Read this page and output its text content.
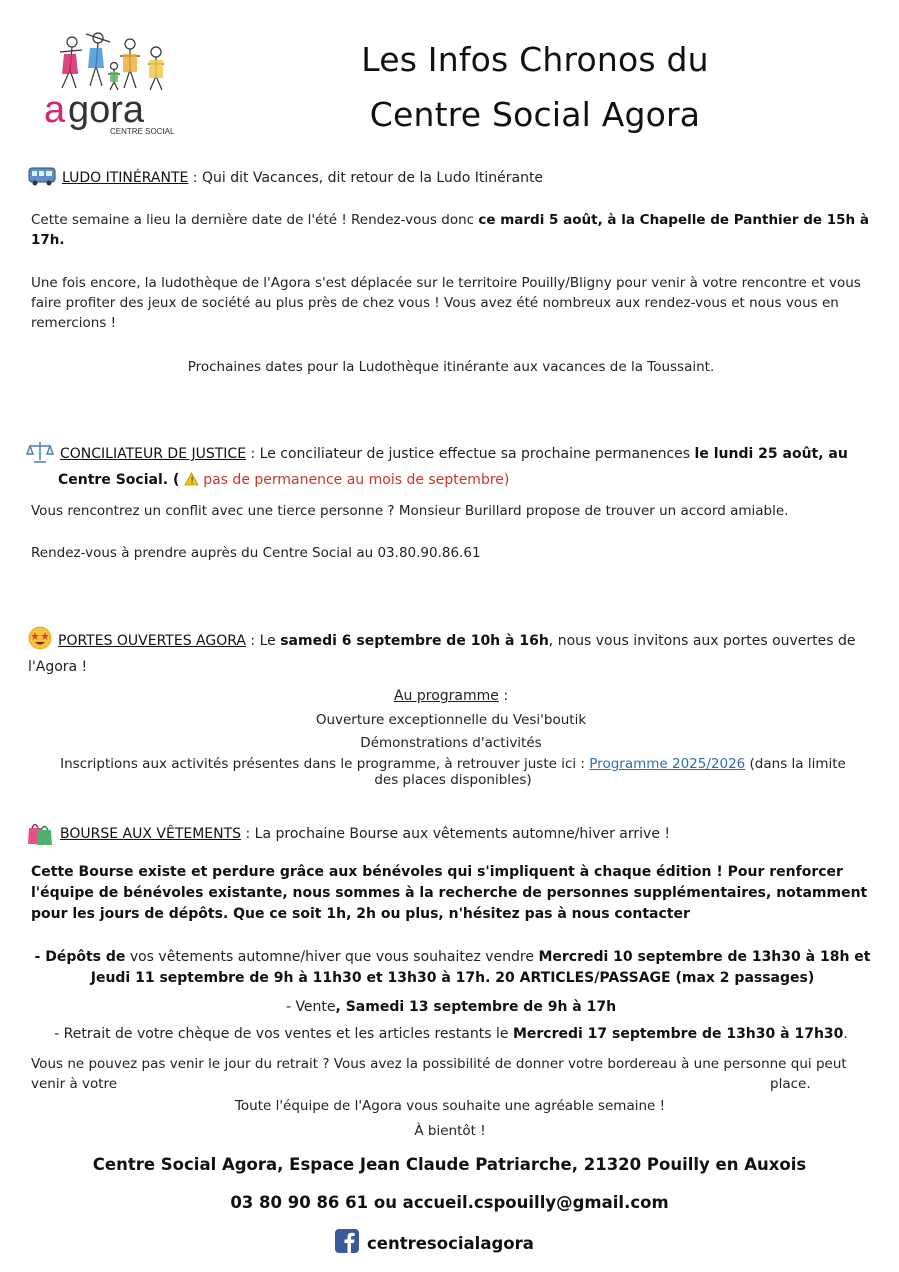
a gora
CENTRE SOCIAL
Les Infos Chronos du
Centre Social Agora
LUDO ITINÉRANTE : Qui dit Vacances, dit retour de la Ludo Itinérante
Cette semaine a lieu la dernière date de l'été ! Rendez-vous donc ce mardi 5 août, à la Chapelle de Panthier de 15h à 17h.
Une fois encore, la ludothèque de l'Agora s'est déplacée sur le territoire Pouilly/Bligny pour venir à votre rencontre et vous faire profiter des jeux de société au plus près de chez vous ! Vous avez été nombreux aux rendez-vous et nous vous en remercions !
Prochaines dates pour la Ludothèque itinérante aux vacances de la Toussaint.
CONCILIATEUR DE JUSTICE : Le conciliateur de justice effectue sa prochaine permanences le lundi 25 août, au
Centre Social. ( ! pas de permanence au mois de septembre)
Vous rencontrez un conflit avec une tierce personne ? Monsieur Burillard propose de trouver un accord amiable.
Rendez-vous à prendre auprès du Centre Social au 03.80.90.86.61
PORTES OUVERTES AGORA : Le samedi 6 septembre de 10h à 16h, nous vous invitons aux portes ouvertes de l'Agora !
Au programme :
Ouverture exceptionnelle du Vesi'boutik
Démonstrations d'activités
Inscriptions aux activités présentes dans le programme, à retrouver juste ici : Programme 2025/2026 (dans la limite des places disponibles)
BOURSE AUX VÊTEMENTS : La prochaine Bourse aux vêtements automne/hiver arrive !
Cette Bourse existe et perdure grâce aux bénévoles qui s'impliquent à chaque édition ! Pour renforcer l'équipe de bénévoles existante, nous sommes à la recherche de personnes supplémentaires, notamment pour les jours de dépôts. Que ce soit 1h, 2h ou plus, n'hésitez pas à nous contacter
- Dépôts de vos vêtements automne/hiver que vous souhaitez vendre Mercredi 10 septembre de 13h30 à 18h et Jeudi 11 septembre de 9h à 11h30 et 13h30 à 17h. 20 ARTICLES/PASSAGE (max 2 passages)
- Vente, Samedi 13 septembre de 9h à 17h
- Retrait de votre chèque de vos ventes et les articles restants le Mercredi 17 septembre de 13h30 à 17h30.
Vous ne pouvez pas venir le jour du retrait ? Vous avez la possibilité de donner votre bordereau à une personne qui peut venir à votre	place.
Toute l'équipe de l'Agora vous souhaite une agréable semaine !
À bientôt !
Centre Social Agora, Espace Jean Claude Patriarche, 21320 Pouilly en Auxois
03 80 90 86 61 ou accueil.cspouilly@gmail.com
centresocialagora
